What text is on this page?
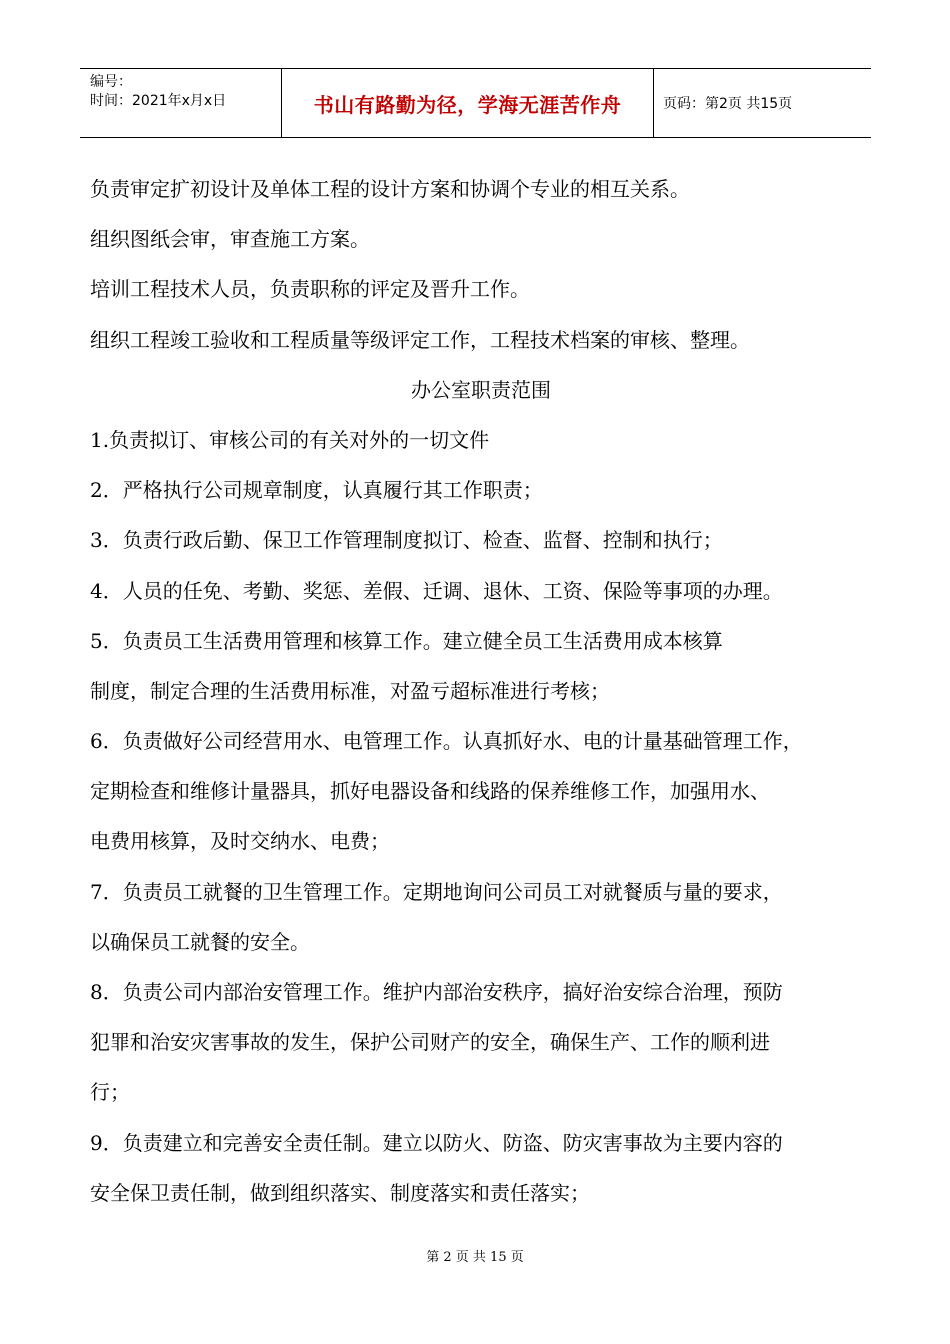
编号：
时间：2021年x月x日	书山有路勤为径，学海无涯苦作舟	页码：第2页 共15页
负责审定扩初设计及单体工程的设计方案和协调个专业的相互关系。
组织图纸会审，审查施工方案。
培训工程技术人员，负责职称的评定及晋升工作。
组织工程竣工验收和工程质量等级评定工作，工程技术档案的审核、整理。
办公室职责范围
1.负责拟订、审核公司的有关对外的一切文件
2．严格执行公司规章制度，认真履行其工作职责；
3．负责行政后勤、保卫工作管理制度拟订、检查、监督、控制和执行；
4．人员的任免、考勤、奖惩、差假、迁调、退休、工资、保险等事项的办理。
5．负责员工生活费用管理和核算工作。建立健全员工生活费用成本核算
制度，制定合理的生活费用标准，对盈亏超标准进行考核；
6．负责做好公司经营用水、电管理工作。认真抓好水、电的计量基础管理工作，
定期检查和维修计量器具，抓好电器设备和线路的保养维修工作，加强用水、
电费用核算，及时交纳水、电费；
7．负责员工就餐的卫生管理工作。定期地询问公司员工对就餐质与量的要求，
以确保员工就餐的安全。
8．负责公司内部治安管理工作。维护内部治安秩序，搞好治安综合治理，预防
犯罪和治安灾害事故的发生，保护公司财产的安全，确保生产、工作的顺利进
行；
9．负责建立和完善安全责任制。建立以防火、防盗、防灾害事故为主要内容的
安全保卫责任制，做到组织落实、制度落实和责任落实；
第 2 页 共 15 页
